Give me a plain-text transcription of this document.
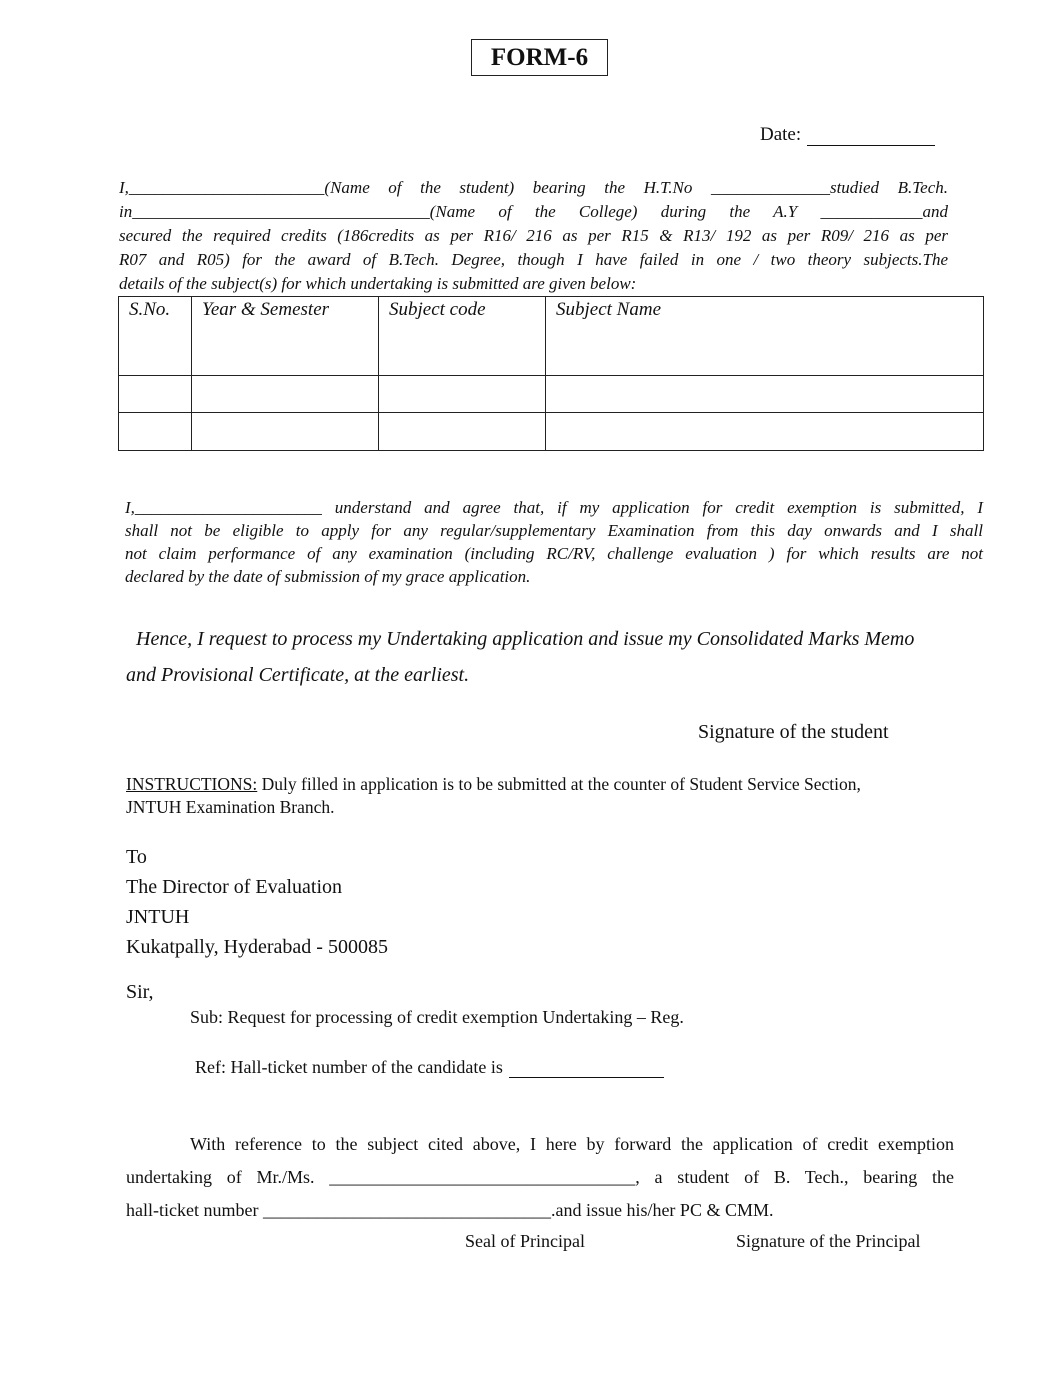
FORM-6
Date:
I,_______________________(Name of the student) bearing the H.T.No ______________studied B.Tech.
in___________________________________(Name of the College) during the A.Y ____________and
secured the required credits (186credits as per R16/ 216 as per R15 & R13/ 192 as per R09/ 216 as per
R07 and R05) for the award of B.Tech. Degree, though I have failed in one / two theory subjects.The
details of the subject(s) for which undertaking is submitted are given below:
S.No.	Year & Semester	Subject code	Subject Name

I,______________________ understand and agree that, if my application for credit exemption is submitted, I
shall not be eligible to apply for any regular/supplementary Examination from this day onwards and I shall
not claim performance of any examination (including RC/RV, challenge evaluation ) for which results are not
declared by the date of submission of my grace application.
Hence, I request to process my Undertaking application and issue my Consolidated Marks Memo
and Provisional Certificate, at the earliest.
Signature of the student
INSTRUCTIONS: Duly filled in application is to be submitted at the counter of Student Service Section,
JNTUH Examination Branch.
To
The Director of Evaluation
JNTUH
Kukatpally, Hyderabad - 500085
Sir,
Sub: Request for processing of credit exemption Undertaking – Reg.
Ref: Hall-ticket number of the candidate is
With reference to the subject cited above, I here by forward the application of credit exemption
undertaking of Mr./Ms. __________________________________, a student of B. Tech., bearing the
hall-ticket number ________________________________.and issue his/her PC & CMM.
Seal of Principal	Signature of the Principal
